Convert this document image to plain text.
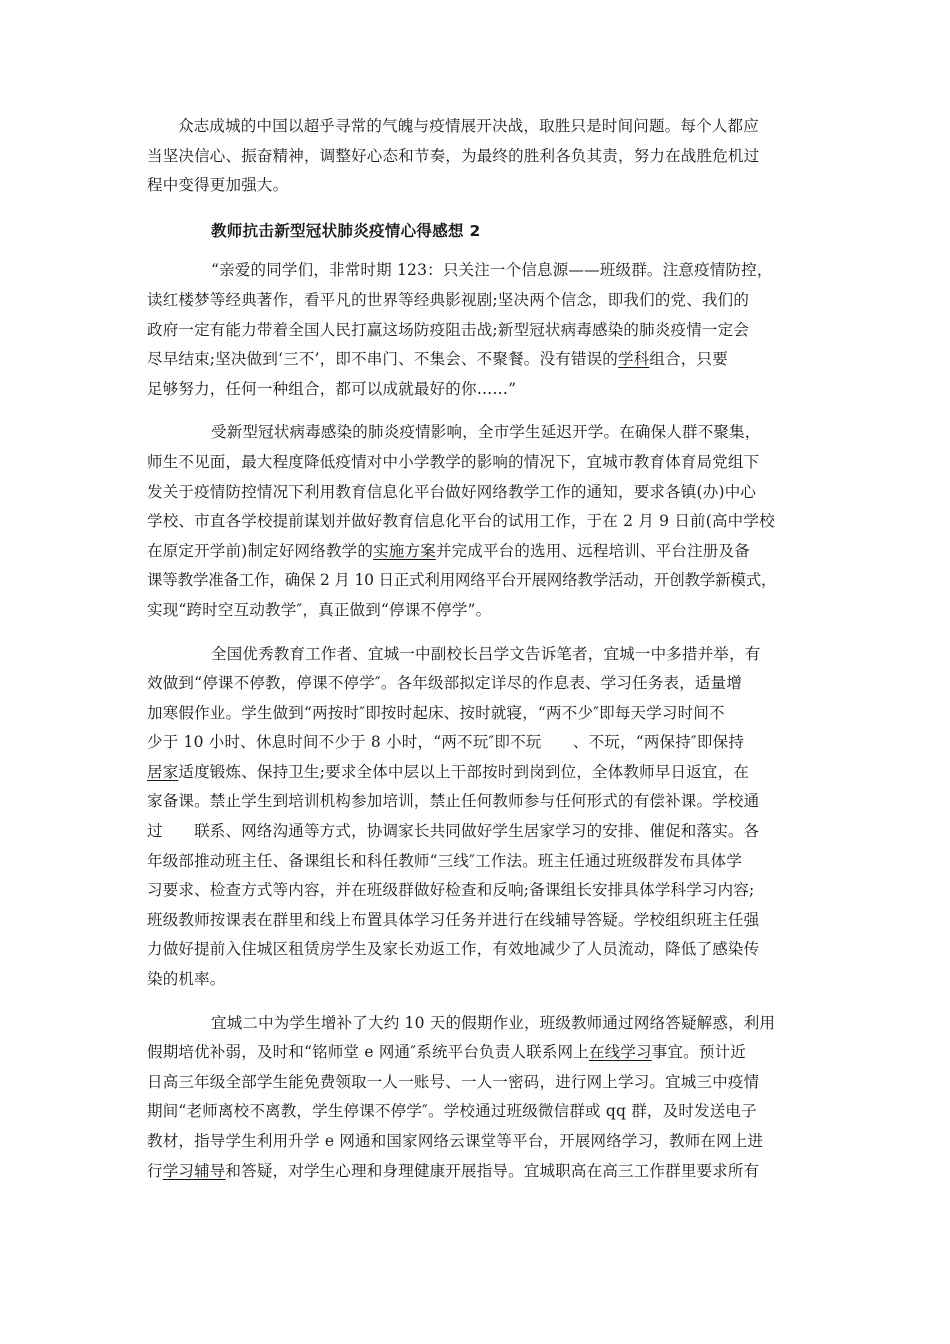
众志成城的中国以超乎寻常的气魄与疫情展开决战，取胜只是时间问题。每个人都应
当坚决信心、振奋精神，调整好心态和节奏，为最终的胜利各负其责，努力在战胜危机过
程中变得更加强大。

教师抗击新型冠状肺炎疫情心得感想 2

“亲爱的同学们，非常时期 123：只关注一个信息源——班级群。注意疫情防控，
读红楼梦等经典著作，看平凡的世界等经典影视剧;坚决两个信念，即我们的党、我们的
政府一定有能力带着全国人民打赢这场防疫阻击战;新型冠状病毒感染的肺炎疫情一定会
尽早结束;坚决做到‘三不’，即不串门、不集会、不聚餐。没有错误的学科组合，只要
足够努力，任何一种组合，都可以成就最好的你……”

受新型冠状病毒感染的肺炎疫情影响，全市学生延迟开学。在确保人群不聚集，
师生不见面，最大程度降低疫情对中小学教学的影响的情况下，宜城市教育体育局党组下
发关于疫情防控情况下利用教育信息化平台做好网络教学工作的通知，要求各镇(办)中心
学校、市直各学校提前谋划并做好教育信息化平台的试用工作，于在 2 月 9 日前(高中学校
在原定开学前)制定好网络教学的实施方案并完成平台的选用、远程培训、平台注册及备
课等教学准备工作，确保 2 月 10 日正式利用网络平台开展网络教学活动，开创教学新模式，
实现“跨时空互动教学″，真正做到“停课不停学”。

全国优秀教育工作者、宜城一中副校长吕学文告诉笔者，宜城一中多措并举，有
效做到“停课不停教，停课不停学″。各年级部拟定详尽的作息表、学习任务表，适量增
加寒假作业。学生做到“两按时″即按时起床、按时就寝，“两不少″即每天学习时间不
少于 10 小时、休息时间不少于 8 小时，“两不玩″即不玩　　、不玩，“两保持″即保持
居家适度锻炼、保持卫生;要求全体中层以上干部按时到岗到位，全体教师早日返宜，在
家备课。禁止学生到培训机构参加培训，禁止任何教师参与任何形式的有偿补课。学校通
过　　联系、网络沟通等方式，协调家长共同做好学生居家学习的安排、催促和落实。各
年级部推动班主任、备课组长和科任教师“三线″工作法。班主任通过班级群发布具体学
习要求、检查方式等内容，并在班级群做好检查和反响;备课组长安排具体学科学习内容;
班级教师按课表在群里和线上布置具体学习任务并进行在线辅导答疑。学校组织班主任强
力做好提前入住城区租赁房学生及家长劝返工作，有效地减少了人员流动，降低了感染传
染的机率。

宜城二中为学生增补了大约 10 天的假期作业，班级教师通过网络答疑解惑，利用
假期培优补弱，及时和“铭师堂 e 网通″系统平台负责人联系网上在线学习事宜。预计近
日高三年级全部学生能免费领取一人一账号、一人一密码，进行网上学习。宜城三中疫情
期间“老师离校不离教，学生停课不停学″。学校通过班级微信群或 qq 群，及时发送电子
教材，指导学生利用升学 e 网通和国家网络云课堂等平台，开展网络学习，教师在网上进
行学习辅导和答疑，对学生心理和身理健康开展指导。宜城职高在高三工作群里要求所有
